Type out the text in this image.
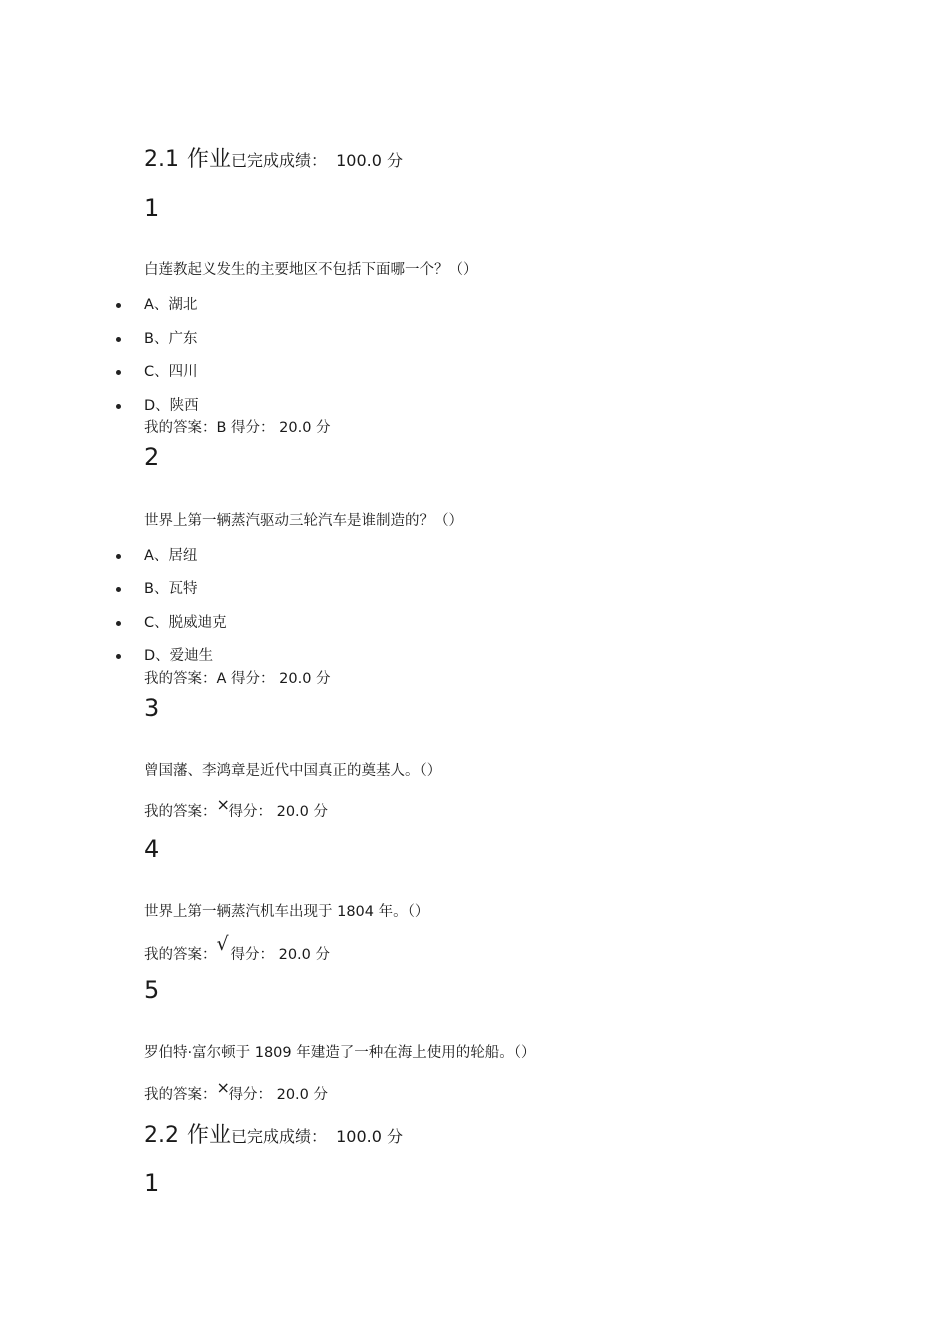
2.1 作业已完成成绩： 100.0 分
1
白莲教起义发生的主要地区不包括下面哪一个？（）
A、湖北
B、广东
C、四川
D、陕西
我的答案：B 得分： 20.0 分
2
世界上第一辆蒸汽驱动三轮汽车是谁制造的？（）
A、居纽
B、瓦特
C、脱威迪克
D、爱迪生
我的答案：A 得分： 20.0 分
3
曾国藩、李鸿章是近代中国真正的奠基人。（）
我的答案：×得分： 20.0 分
4
世界上第一辆蒸汽机车出现于 1804 年。（）
我的答案：√ 得分： 20.0 分
5
罗伯特·富尔顿于 1809 年建造了一种在海上使用的轮船。（）
我的答案：×得分： 20.0 分
2.2 作业已完成成绩： 100.0 分
1
